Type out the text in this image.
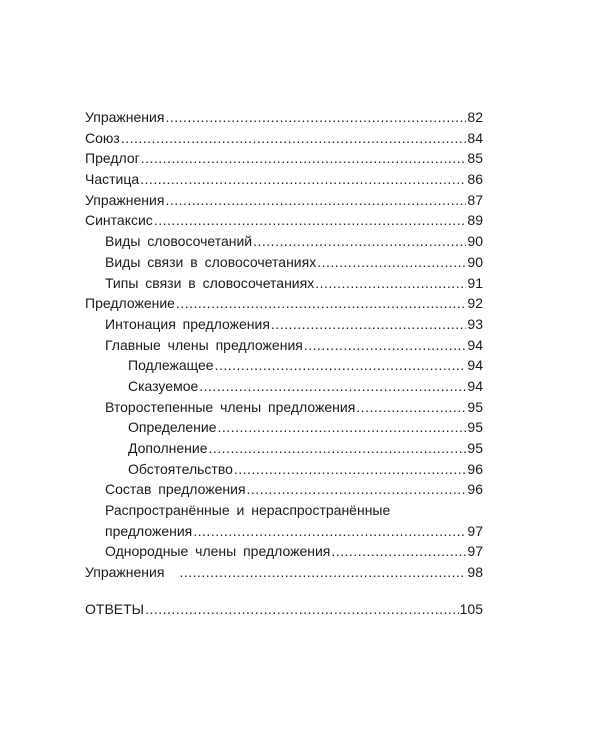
Упражнения .....	82
Союз .....	84
Предлог .....	85
Частица .....	86
Упражнения .....	87
Синтаксис .....	89
Виды словосочетаний .....	90
Виды связи в словосочетаниях .....	90
Типы связи в словосочетаниях .....	91
Предложение .....	92
Интонация предложения .....	93
Главные члены предложения .....	94
Подлежащее .....	94
Сказуемое .....	94
Второстепенные члены предложения .....	95
Определение .....	95
Дополнение .....	95
Обстоятельство .....	96
Состав предложения .....	96
Распространённые и нераспространённые
предложения .....	97
Однородные члены предложения .....	97
Упражнения .....	98
ОТВЕТЫ .....	105
